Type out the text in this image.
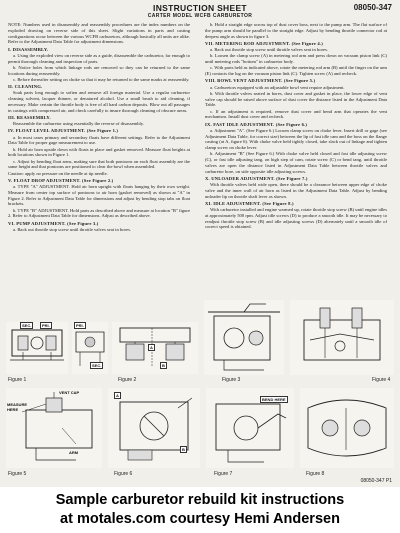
INSTRUCTION SHEET
CARTER MODEL WCFB CARBURETOR
08050-347

NOTE: Numbers used in disassembly and reassembly procedures are the index numbers on the exploded drawing on reverse side of this sheet. Slight variations in parts and casting configurations occur between the various WCFB carburetors, although basically all units are alike. Refer to the Adjustment Data Table for adjustment dimensions.

I. DISASSEMBLY.

a. Using the exploded view on reverse side as a guide, disassemble the carburetor, far enough to permit thorough cleaning and inspection of parts.

b. Notice holes from which linkage rods are removed so they can be returned to the same locations during reassembly.

c. Before thereafter setting on choke so that it may be returned to the same marks at reassembly.

II. CLEANING.

Soak parts long enough to soften and remove all foreign material. Use a regular carburetor cleaning solvent, lacquer thinner, or denatured alcohol. Use a small brush to aid cleaning, if necessary. Make certain the throttle body is free of all hard carbon deposits. Blow out all passages in castings with compressed air, and check carefully to insure thorough cleaning of obscure areas.

III. REASSEMBLY.

Reassemble the carburetor using essentially the reverse of disassembly.

IV. FLOAT LEVEL ADJUSTMENT. (See Figure 1.)

a. In most cases primary and secondary floats have different settings. Refer to the Adjustment Data Table for proper gage measurement to use.

b. Hold air horn upside down with floats in place and gasket removed. Measure float heights at both locations shown in Figure 1.

c. Adjust by bending float arms, making sure that both pontoons on each float assembly are the same height and that pontoons are positioned to clear the bowl when assembled.

Caution: apply no pressure on the needle at tip needle.

V. FLOAT DROP ADJUSTMENT. (See Figure 2.)

a. TYPE "A" ADJUSTMENT. Hold air horn upright with floats hanging by their own weight. Measure from center top surface of pontoons to air horn (gasket removed) as shown at "A" in Figure 2. Refer to Adjustment Data Table for dimensions and adjust by bending stop tabs on float brackets.

b. TYPE "B" ADJUSTMENT. Hold parts as described above and measure at location "B" figure 2. Refer to Adjustment Data Table for dimensions. Adjust as described above.

VI. PUMP ADJUSTMENT. (See Figure 3.)

a. Back out throttle stop screw until throttle valves seat in bores.

b. Hold a straight edge across top of dust cover boss, next to the pump arm. The flat surface of the pump arm should be parallel to the straight edge. Adjust by bending throttle connector rod at deepest angle as shown in figure 3.

VII. METERING ROD ADJUSTMENT. (See Figure 4.)

a. Back out throttle stop screw until throttle valves seat in bores.

b. Loosen the clamp screw (A) in metering rod arm and press down on vacuum piston link (C) until metering rods "bottom" in carburetor body.

c. With parts held as indicated above, rotate the metering rod arm (B) until the finger on the arm (E) contacts the lug on the vacuum piston link (C). Tighten screw (A) and recheck.

VIII. BOWL VENT ADJUSTMENT. (See Figure 5.)

a. Carburetors equipped with an adjustable bowl vent require adjustment.

b. With throttle valves seated in bores, dust cover and gasket in place, the lower edge of vent valve cap should be raised above surface of dust cover the distance listed in the Adjustment Data Table.

c. If an adjustment is required, remove dust cover and bend arm that operates the vent mechanism. Install dust cover and recheck.

IX. FAST IDLE ADJUSTMENT. (See Figure 6.)

a. Adjustment "A". (See Figure 6.) Loosen clamp screw on choke lever. Insert drill or gage (see Adjustment Data Table, for correct size) between the lip of fast idle cam and the boss on the flange casting (at A, figure 6). With choke valve held tightly closed, take slack out of linkage and tighten clamp screw on choke lever.

b. Adjustment "B" (See Figure 6.) With choke valve held closed and fast idle adjusting screw (C), or fast idle adjusting tang, on high step of cam, rotate screw (C) or bend tang, until throttle valves are open the distance listed in Adjustment Data Table between throttle valves and carburetor bore, on side opposite idle adjusting screws.

X. UNLOADER ADJUSTMENT. (See Figure 7.)

With throttle valves held wide open, there should be a clearance between upper edge of choke valve and the inner wall of air horn as listed in the Adjustment Data Table. Adjust by bending unloader lip on throttle shaft lever as shown.

XI. IDLE ADJUSTMENT. (See Figure 8.)

With carburetor installed and engine warmed up, rotate throttle stop screw (B) until engine idles at approximately 500 rpm. Adjust idle screws (D) to produce a smooth idle. It may be necessary to readjust throttle stop screw (B) and idle adjusting screws (D) alternately until a smooth idle of correct speed is obtained.

SEC.	PRI.	PRI.
SEC.
Figure 1
A
B
Figure 2	Figure 3	Figure 4
VENT CAP
MEASURE HERE
ARM
Figure 5
A
B
Figure 6
BEND HERE
Figure 7	Figure 8
08050-347 P1
Sample carburetor rebuild kit instructions
at motales.com courtesy Hemi Andersen
